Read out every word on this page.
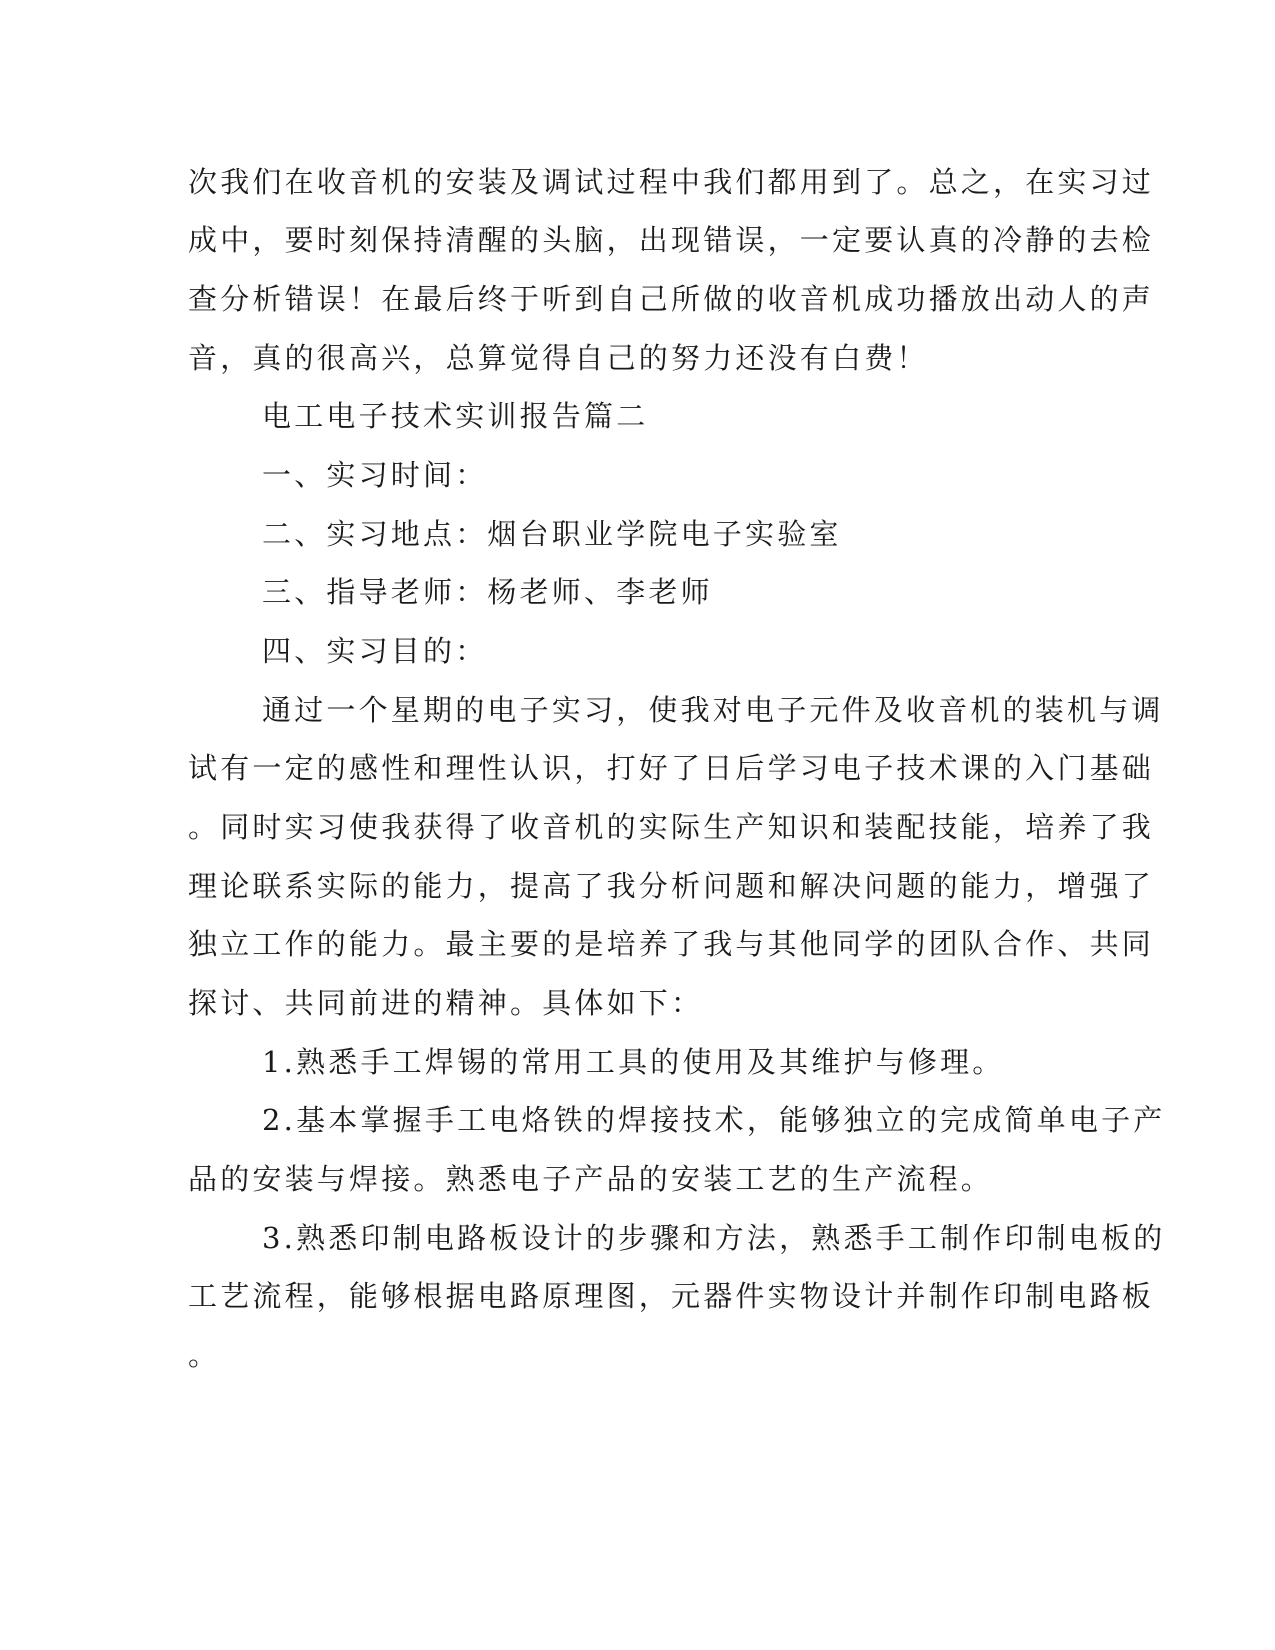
次我们在收音机的安装及调试过程中我们都用到了。总之，在实习过
成中，要时刻保持清醒的头脑，出现错误，一定要认真的冷静的去检
查分析错误！在最后终于听到自己所做的收音机成功播放出动人的声
音，真的很高兴，总算觉得自己的努力还没有白费！
电工电子技术实训报告篇二
一、实习时间：
二、实习地点：烟台职业学院电子实验室
三、指导老师：杨老师、李老师
四、实习目的：
通过一个星期的电子实习，使我对电子元件及收音机的装机与调
试有一定的感性和理性认识，打好了日后学习电子技术课的入门基础
。同时实习使我获得了收音机的实际生产知识和装配技能，培养了我
理论联系实际的能力，提高了我分析问题和解决问题的能力，增强了
独立工作的能力。最主要的是培养了我与其他同学的团队合作、共同
探讨、共同前进的精神。具体如下：
1.熟悉手工焊锡的常用工具的使用及其维护与修理。
2.基本掌握手工电烙铁的焊接技术，能够独立的完成简单电子产
品的安装与焊接。熟悉电子产品的安装工艺的生产流程。
3.熟悉印制电路板设计的步骤和方法，熟悉手工制作印制电板的
工艺流程，能够根据电路原理图，元器件实物设计并制作印制电路板
。
